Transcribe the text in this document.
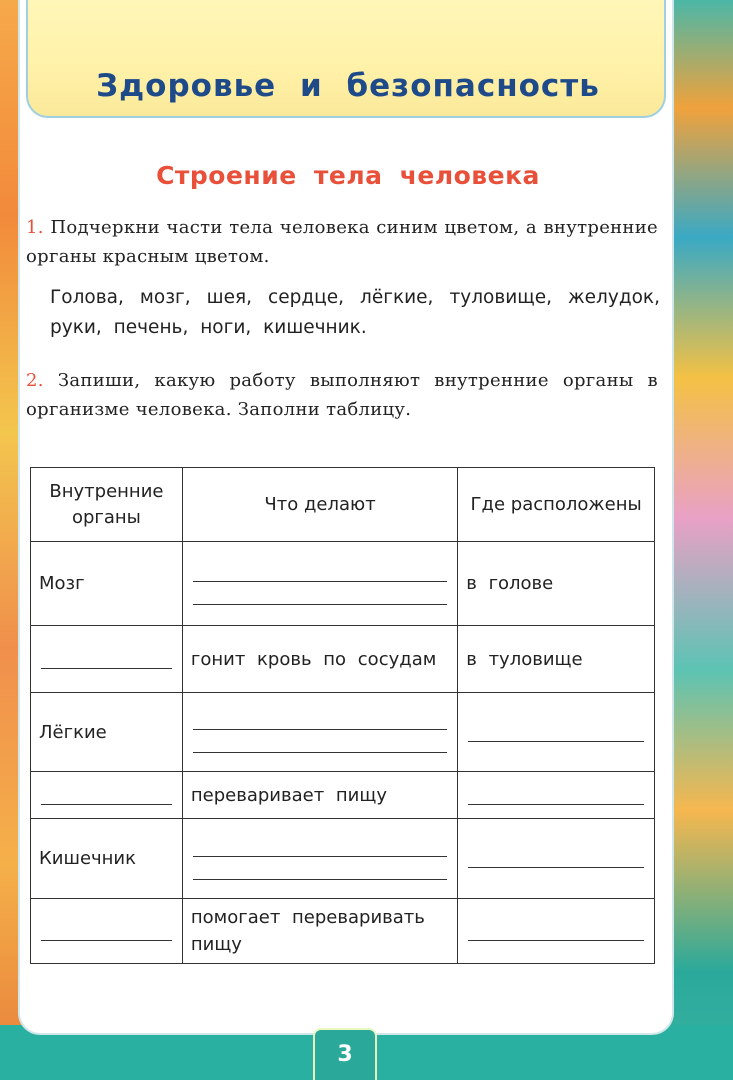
Здоровье и безопасность
Строение тела человека
1. Подчеркни части тела человека синим цветом, а внутренние органы красным цветом.
Голова, мозг, шея, сердце, лёгкие, туловище, желудок, руки, печень, ноги, кишечник.
2. Запиши, какую работу выполняют внутренние органы в организме человека. Заполни таблицу.
Внутренние органы	Что делают	Где расположены
Мозг		в голове

	гонит кровь по сосудам	в туловище
Лёгкие	

	переваривает пищу	

Кишечник	

	помогает переваривать пищу	
3
